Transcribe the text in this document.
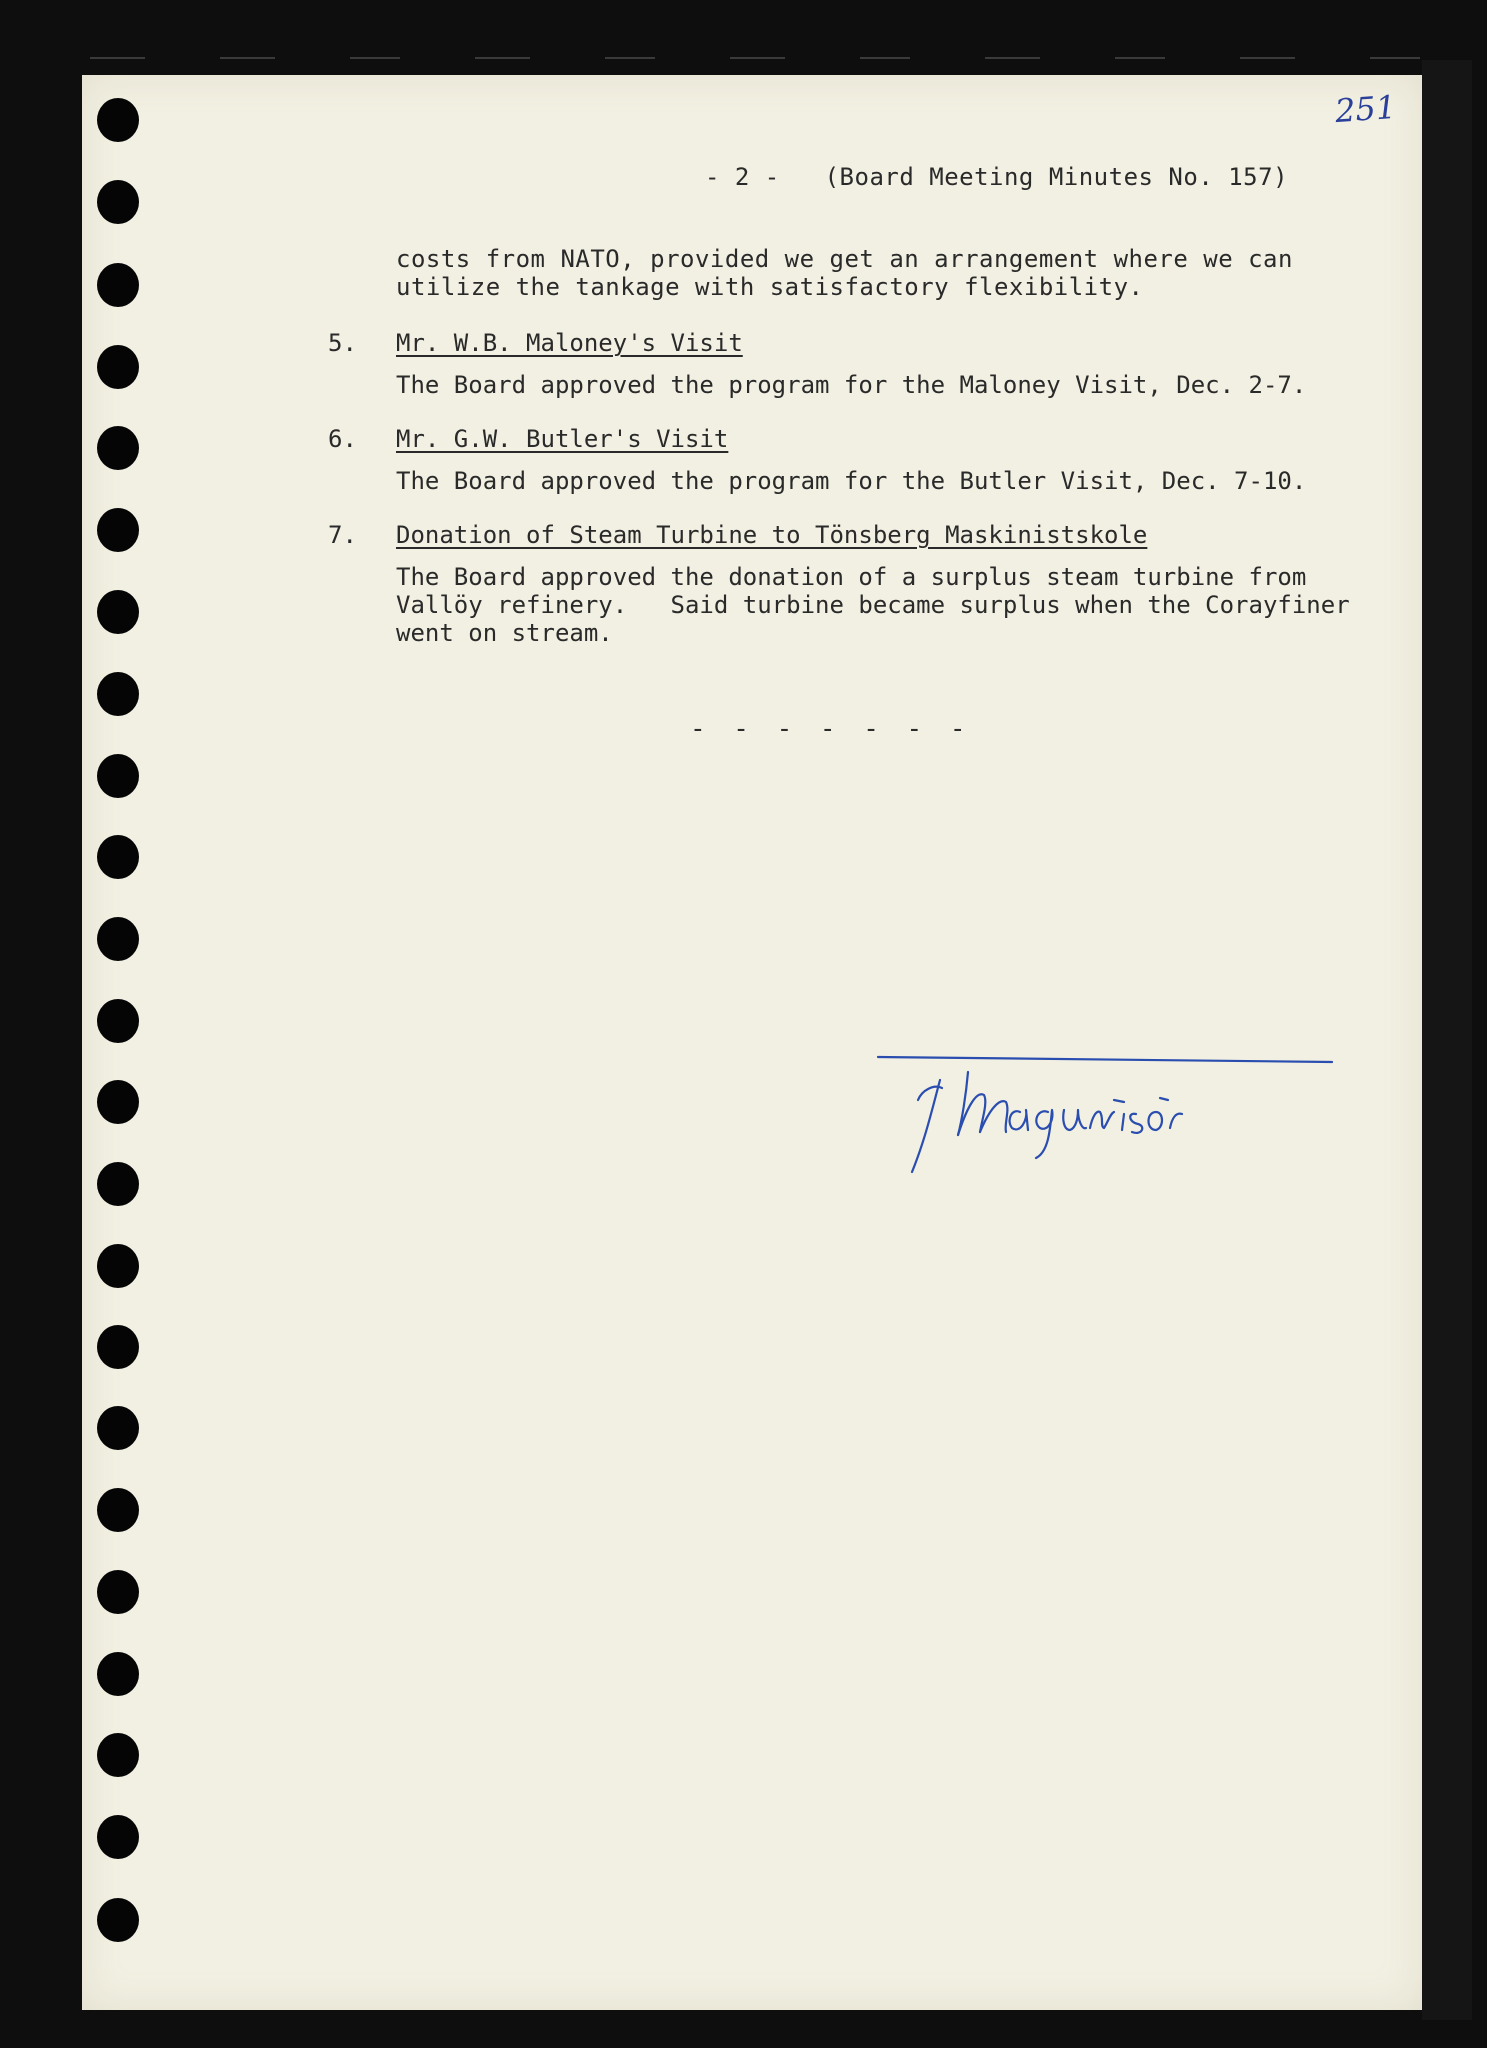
251
- 2 -   (Board Meeting Minutes No. 157)
costs from NATO, provided we get an arrangement where we can
utilize the tankage with satisfactory flexibility.
5. Mr. W.B. Maloney's Visit
The Board approved the program for the Maloney Visit, Dec. 2-7.
6. Mr. G.W. Butler's Visit
The Board approved the program for the Butler Visit, Dec. 7-10.
7. Donation of Steam Turbine to Tönsberg Maskinistskole
The Board approved the donation of a surplus steam turbine from
Vallöy refinery.   Said turbine became surplus when the Corayfiner
went on stream.
- - - - - - -
